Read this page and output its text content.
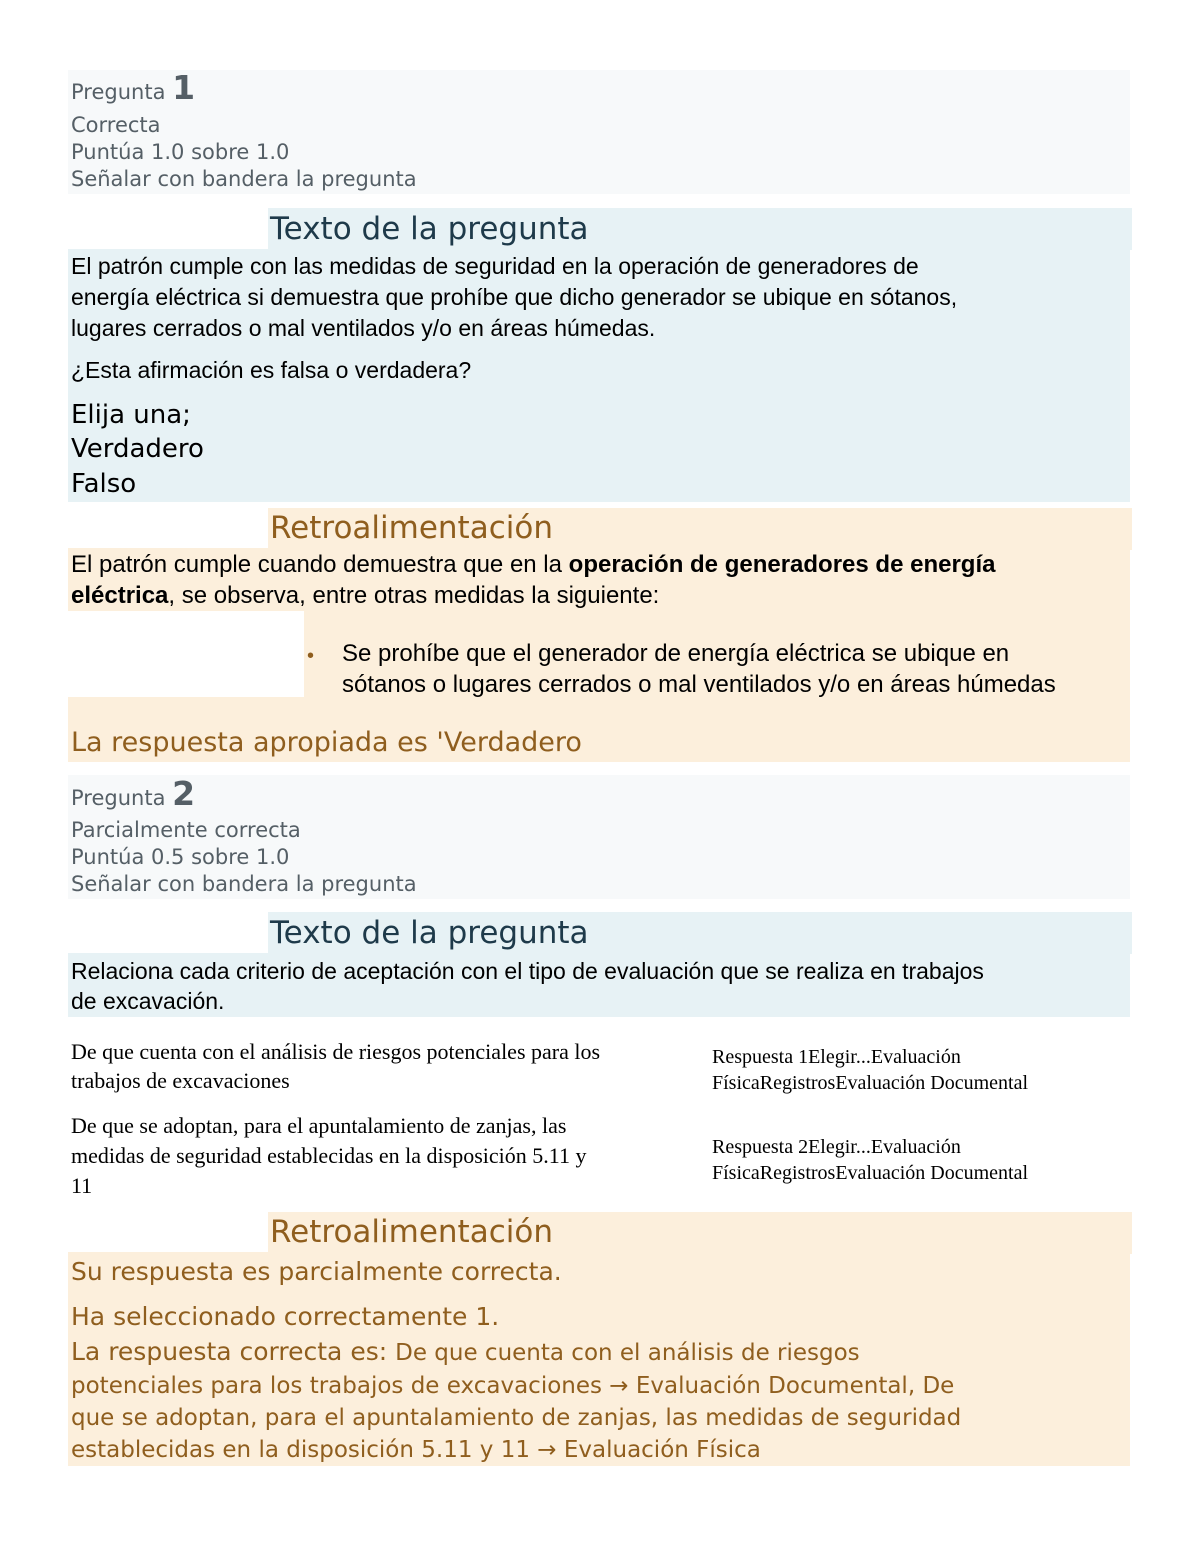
Pregunta 1
Correcta
Puntúa 1.0 sobre 1.0
Señalar con bandera la pregunta
Texto de la pregunta
El patrón cumple con las medidas de seguridad en la operación de generadores de
energía eléctrica si demuestra que prohíbe que dicho generador se ubique en sótanos,
lugares cerrados o mal ventilados y/o en áreas húmedas.
¿Esta afirmación es falsa o verdadera?
Elija una;
Verdadero
Falso
Retroalimentación
El patrón cumple cuando demuestra que en la operación de generadores de energía
eléctrica, se observa, entre otras medidas la siguiente:
• Se prohíbe que el generador de energía eléctrica se ubique en
sótanos o lugares cerrados o mal ventilados y/o en áreas húmedas
La respuesta apropiada es 'Verdadero
Pregunta 2
Parcialmente correcta
Puntúa 0.5 sobre 1.0
Señalar con bandera la pregunta
Texto de la pregunta
Relaciona cada criterio de aceptación con el tipo de evaluación que se realiza en trabajos
de excavación.
De que cuenta con el análisis de riesgos potenciales para los
trabajos de excavaciones
Respuesta 1Elegir...Evaluación
FísicaRegistrosEvaluación Documental
De que se adoptan, para el apuntalamiento de zanjas, las
medidas de seguridad establecidas en la disposición 5.11 y
11
Respuesta 2Elegir...Evaluación
FísicaRegistrosEvaluación Documental
Retroalimentación
Su respuesta es parcialmente correcta.
Ha seleccionado correctamente 1.
La respuesta correcta es: De que cuenta con el análisis de riesgos
potenciales para los trabajos de excavaciones → Evaluación Documental, De
que se adoptan, para el apuntalamiento de zanjas, las medidas de seguridad
establecidas en la disposición 5.11 y 11 → Evaluación Física
